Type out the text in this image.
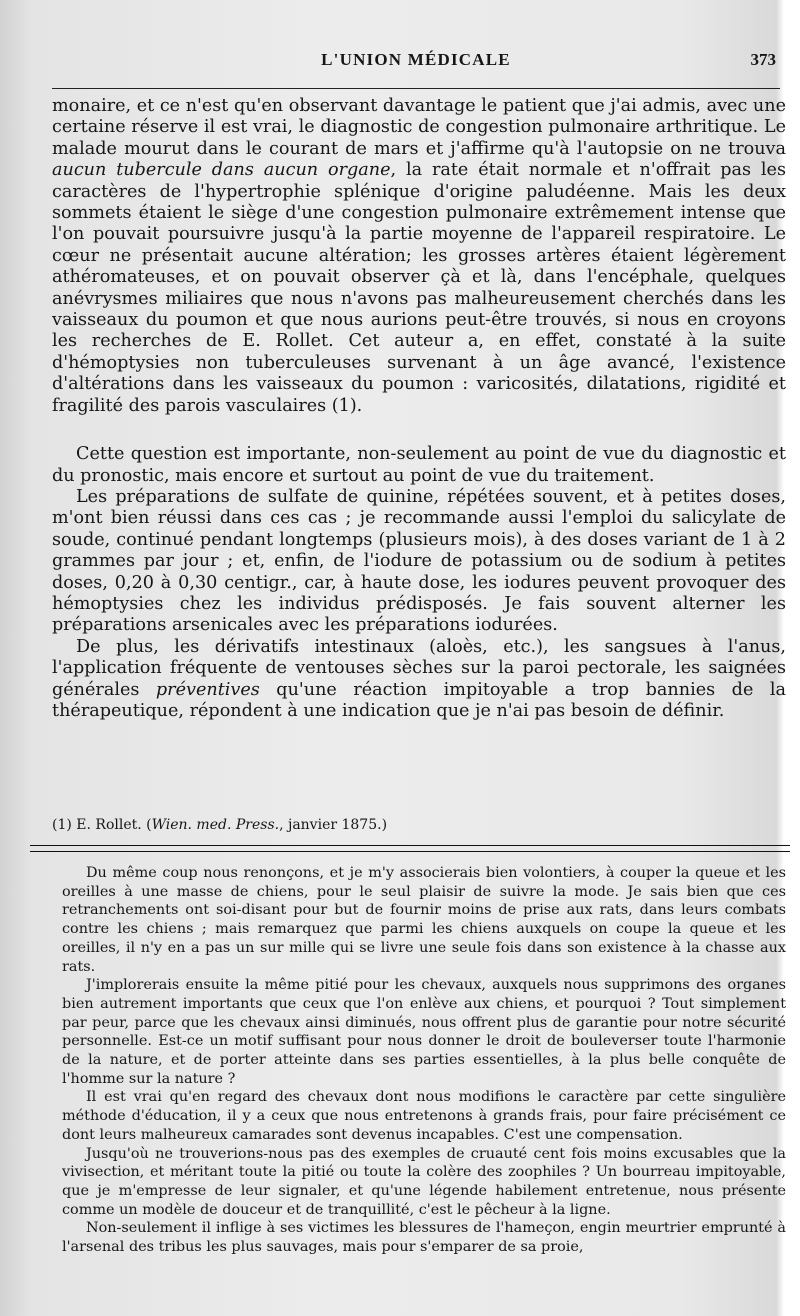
L'UNION MÉDICALE	373

monaire, et ce n'est qu'en observant davantage le patient que j'ai admis, avec une certaine réserve il est vrai, le diagnostic de congestion pulmonaire arthritique. Le malade mourut dans le courant de mars et j'affirme qu'à l'autopsie on ne trouva aucun tubercule dans aucun organe, la rate était normale et n'offrait pas les caractères de l'hypertrophie splénique d'origine paludéenne. Mais les deux sommets étaient le siège d'une congestion pulmonaire extrêmement intense que l'on pouvait poursuivre jusqu'à la partie moyenne de l'appareil respiratoire. Le cœur ne présentait aucune altération; les grosses artères étaient légèrement athéromateuses, et on pouvait observer çà et là, dans l'encéphale, quelques anévrysmes miliaires que nous n'avons pas malheureusement cherchés dans les vaisseaux du poumon et que nous aurions peut-être trouvés, si nous en croyons les recherches de E. Rollet. Cet auteur a, en effet, constaté à la suite d'hémoptysies non tuberculeuses survenant à un âge avancé, l'existence d'altérations dans les vaisseaux du poumon : varicosités, dilatations, rigidité et fragilité des parois vasculaires (1).

Cette question est importante, non-seulement au point de vue du diagnostic et du pronostic, mais encore et surtout au point de vue du traitement.

Les préparations de sulfate de quinine, répétées souvent, et à petites doses, m'ont bien réussi dans ces cas ; je recommande aussi l'emploi du salicylate de soude, continué pendant longtemps (plusieurs mois), à des doses variant de 1 à 2 grammes par jour ; et, enfin, de l'iodure de potassium ou de sodium à petites doses, 0,20 à 0,30 centigr., car, à haute dose, les iodures peuvent provoquer des hémoptysies chez les individus prédisposés. Je fais souvent alterner les préparations arsenicales avec les préparations iodurées.

De plus, les dérivatifs intestinaux (aloès, etc.), les sangsues à l'anus, l'application fréquente de ventouses sèches sur la paroi pectorale, les saignées générales préventives qu'une réaction impitoyable a trop bannies de la thérapeutique, répondent à une indication que je n'ai pas besoin de définir.

(1) E. Rollet. (Wien. med. Press., janvier 1875.)

Du même coup nous renonçons, et je m'y associerais bien volontiers, à couper la queue et les oreilles à une masse de chiens, pour le seul plaisir de suivre la mode. Je sais bien que ces retranchements ont soi-disant pour but de fournir moins de prise aux rats, dans leurs combats contre les chiens ; mais remarquez que parmi les chiens auxquels on coupe la queue et les oreilles, il n'y en a pas un sur mille qui se livre une seule fois dans son existence à la chasse aux rats.

J'implorerais ensuite la même pitié pour les chevaux, auxquels nous supprimons des organes bien autrement importants que ceux que l'on enlève aux chiens, et pourquoi ? Tout simplement par peur, parce que les chevaux ainsi diminués, nous offrent plus de garantie pour notre sécurité personnelle. Est-ce un motif suffisant pour nous donner le droit de bouleverser toute l'harmonie de la nature, et de porter atteinte dans ses parties essentielles, à la plus belle conquête de l'homme sur la nature ?

Il est vrai qu'en regard des chevaux dont nous modifions le caractère par cette singulière méthode d'éducation, il y a ceux que nous entretenons à grands frais, pour faire précisément ce dont leurs malheureux camarades sont devenus incapables. C'est une compensation.

Jusqu'où ne trouverions-nous pas des exemples de cruauté cent fois moins excusables que la vivisection, et méritant toute la pitié ou toute la colère des zoophiles ? Un bourreau impitoyable, que je m'empresse de leur signaler, et qu'une légende habilement entretenue, nous présente comme un modèle de douceur et de tranquillité, c'est le pêcheur à la ligne.

Non-seulement il inflige à ses victimes les blessures de l'hameçon, engin meurtrier emprunté à l'arsenal des tribus les plus sauvages, mais pour s'emparer de sa proie,
